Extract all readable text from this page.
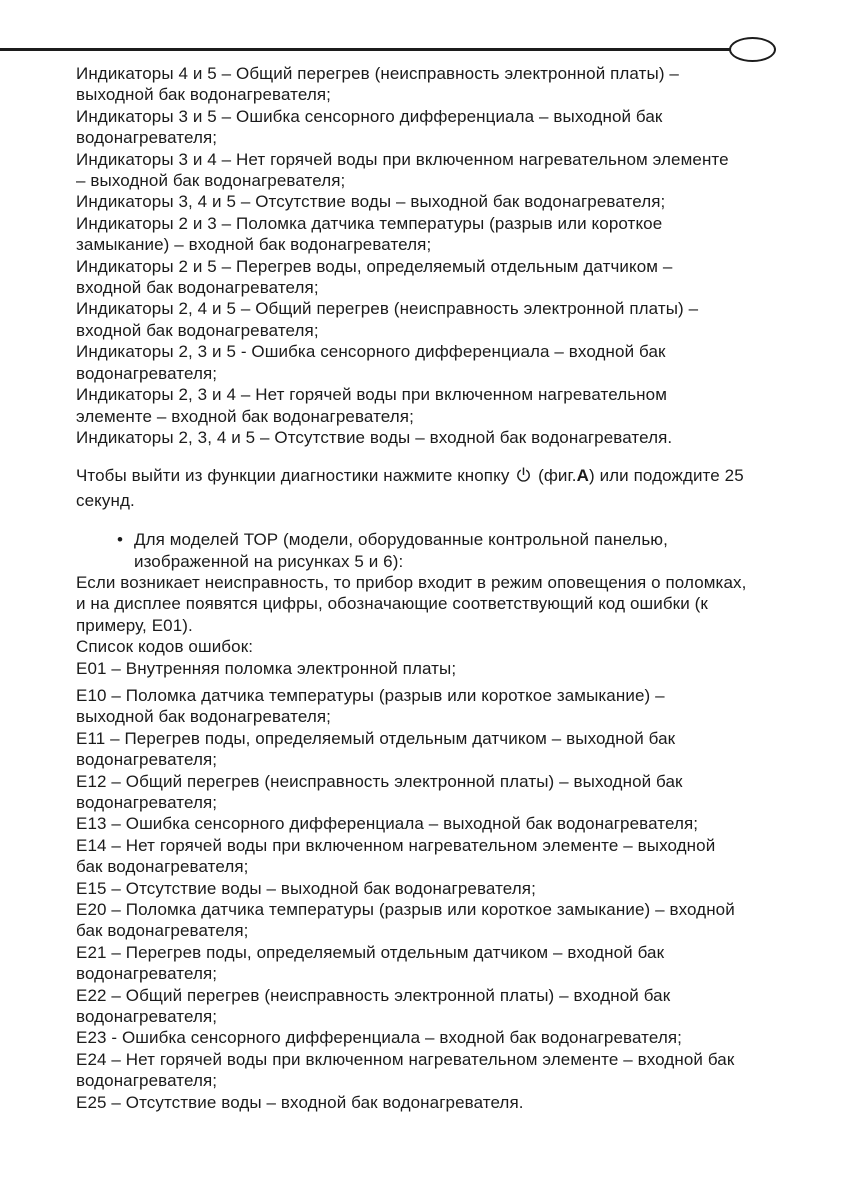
Индикаторы 4 и 5 – Общий перегрев (неисправность электронной платы) –
выходной бак водонагревателя;
Индикаторы 3 и 5 – Ошибка сенсорного дифференциала – выходной бак
водонагревателя;
Индикаторы 3 и 4 – Нет горячей воды при включенном нагревательном элементе
– выходной бак водонагревателя;
Индикаторы 3, 4 и 5 – Отсутствие воды – выходной бак водонагревателя;
Индикаторы 2 и 3 – Поломка датчика температуры (разрыв или короткое
замыкание) – входной бак водонагревателя;
Индикаторы 2 и 5 – Перегрев воды, определяемый отдельным датчиком –
входной бак водонагревателя;
Индикаторы 2, 4 и 5 – Общий перегрев (неисправность электронной платы) –
входной бак водонагревателя;
Индикаторы 2, 3 и 5 - Ошибка сенсорного дифференциала – входной бак
водонагревателя;
Индикаторы 2, 3 и 4 – Нет горячей воды при включенном нагревательном
элементе – входной бак водонагревателя;
Индикаторы 2, 3, 4 и 5 – Отсутствие воды – входной бак водонагревателя.
Чтобы выйти из функции диагностики нажмите кнопку  (фиг.А) или подождите 25
секунд.
• Для моделей ТОР (модели, оборудованные контрольной панелью,
изображенной на рисунках 5 и 6):
Если возникает неисправность, то прибор входит в режим оповещения о поломках,
и на дисплее появятся цифры, обозначающие соответствующий код ошибки (к
примеру, Е01).
Список кодов ошибок:
Е01 – Внутренняя поломка электронной платы;
Е10 – Поломка датчика температуры (разрыв или короткое замыкание) –
выходной бак водонагревателя;
Е11 – Перегрев поды, определяемый отдельным датчиком – выходной бак
водонагревателя;
Е12 – Общий перегрев (неисправность электронной платы) – выходной бак
водонагревателя;
Е13 – Ошибка сенсорного дифференциала – выходной бак водонагревателя;
Е14 – Нет горячей воды при включенном нагревательном элементе – выходной
бак водонагревателя;
Е15 – Отсутствие воды – выходной бак водонагревателя;
Е20 – Поломка датчика температуры (разрыв или короткое замыкание) – входной
бак водонагревателя;
Е21 – Перегрев поды, определяемый отдельным датчиком – входной бак
водонагревателя;
Е22 – Общий перегрев (неисправность электронной платы) – входной бак
водонагревателя;
Е23 - Ошибка сенсорного дифференциала – входной бак водонагревателя;
Е24 – Нет горячей воды при включенном нагревательном элементе – входной бак
водонагревателя;
Е25 – Отсутствие воды – входной бак водонагревателя.
